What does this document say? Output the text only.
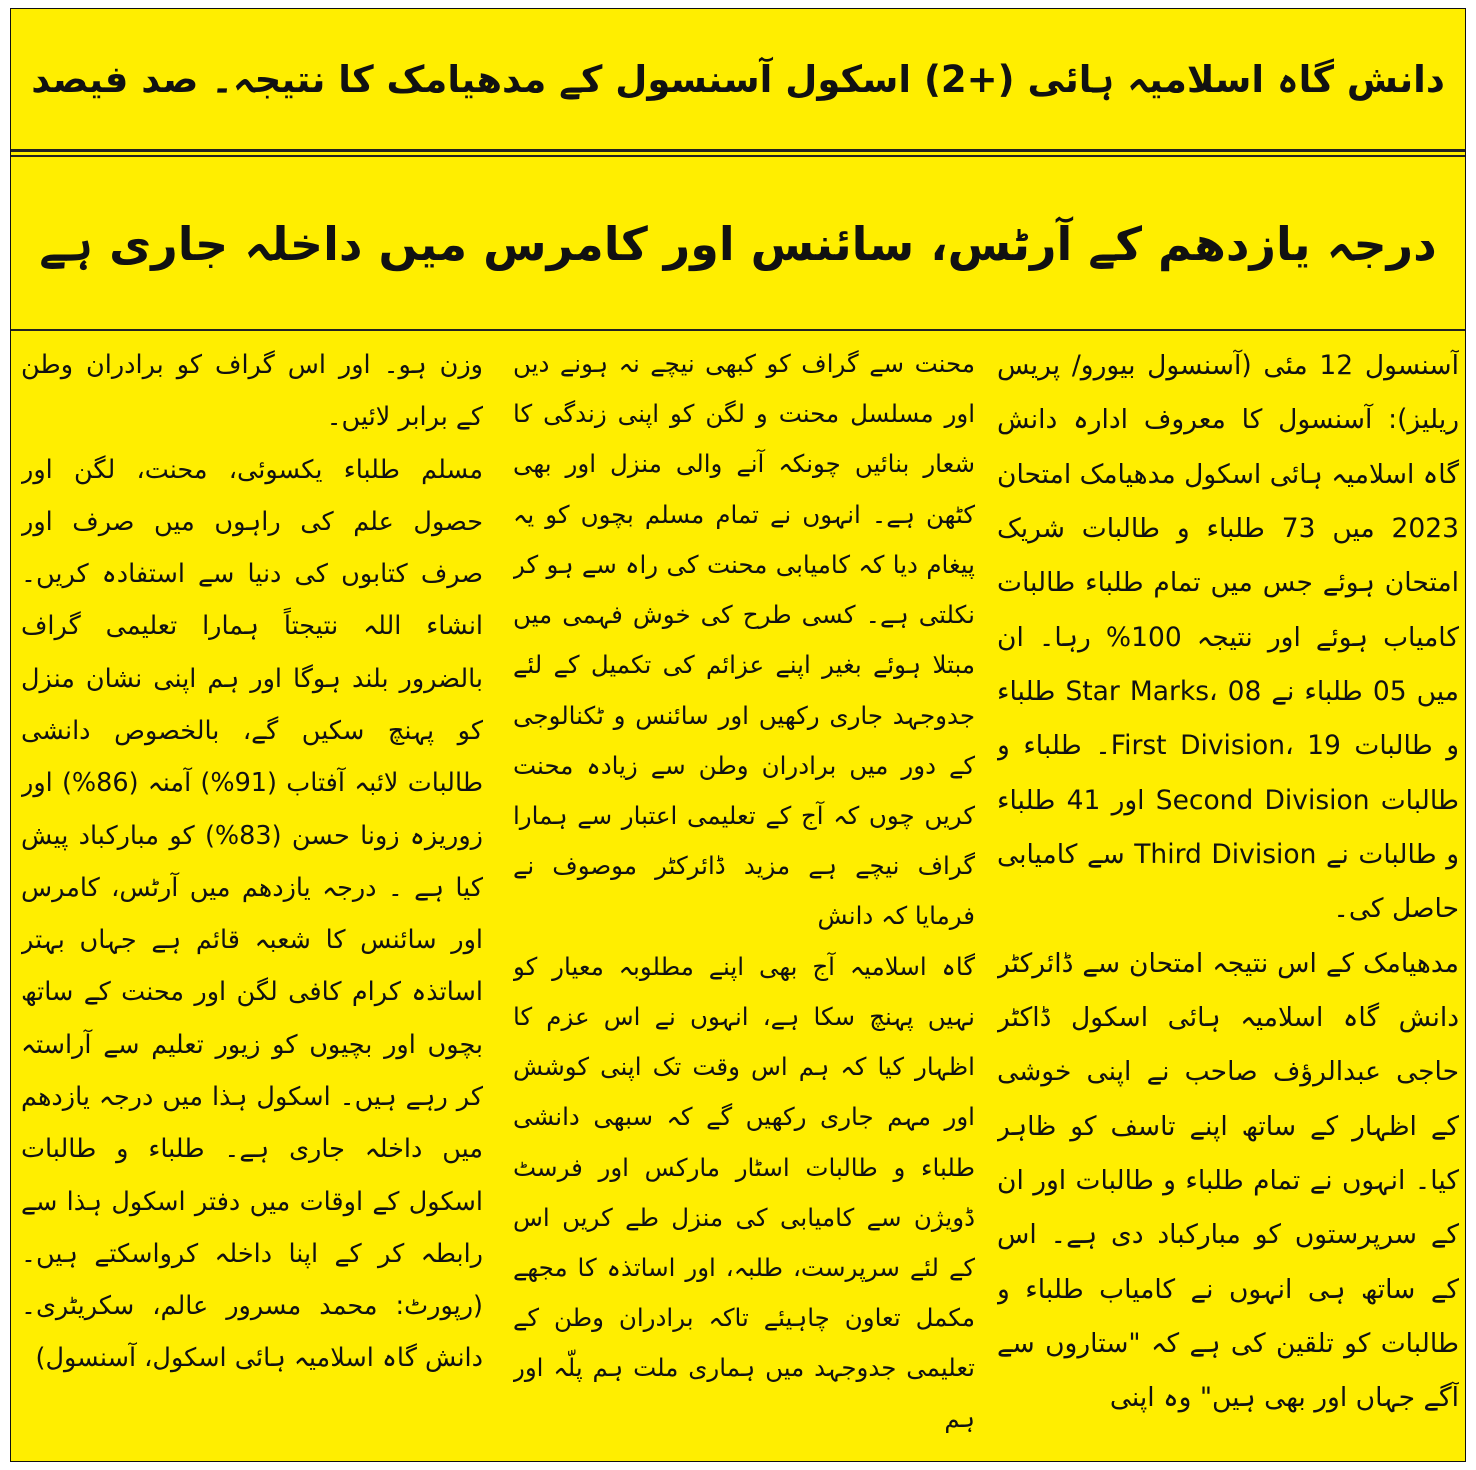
دانش گاہ اسلامیہ ہائی (+2) اسکول آسنسول کے مدھیامک کا نتیجہ۔ صد فیصد
درجہ یازدھم کے آرٹس، سائنس اور کامرس میں داخلہ جاری ہے

آسنسول 12 مئی (آسنسول بیورو/ پریس ریلیز): آسنسول کا معروف ادارہ دانش گاہ اسلامیہ ہائی اسکول مدھیامک امتحان 2023 میں 73 طلباء و طالبات شریک امتحان ہوئے جس میں تمام طلباء طالبات کامیاب ہوئے اور نتیجہ 100% رہا۔ ان میں 05 طلباء نے Star Marks، 08 طلباء و طالبات First Division، 19۔ طلباء و طالبات Second Division اور 41 طلباء و طالبات نے Third Division سے کامیابی حاصل کی۔

مدھیامک کے اس نتیجہ امتحان سے ڈائرکٹر دانش گاہ اسلامیہ ہائی اسکول ڈاکٹر حاجی عبدالرؤف صاحب نے اپنی خوشی کے اظہار کے ساتھ اپنے تاسف کو ظاہر کیا۔ انہوں نے تمام طلباء و طالبات اور ان کے سرپرستوں کو مبارکباد دی ہے۔ اس کے ساتھ ہی انہوں نے کامیاب طلباء و طالبات کو تلقین کی ہے کہ "ستاروں سے آگے جہاں اور بھی ہیں" وہ اپنی

محنت سے گراف کو کبھی نیچے نہ ہونے دیں اور مسلسل محنت و لگن کو اپنی زندگی کا شعار بنائیں چونکہ آنے والی منزل اور بھی کٹھن ہے۔ انہوں نے تمام مسلم بچوں کو یہ پیغام دیا کہ کامیابی محنت کی راہ سے ہو کر نکلتی ہے۔ کسی طرح کی خوش فہمی میں مبتلا ہوئے بغیر اپنے عزائم کی تکمیل کے لئے جدوجہد جاری رکھیں اور سائنس و ٹکنالوجی کے دور میں برادران وطن سے زیادہ محنت کریں چوں کہ آج کے تعلیمی اعتبار سے ہمارا گراف نیچے ہے مزید ڈائرکٹر موصوف نے فرمایا کہ دانش

گاہ اسلامیہ آج بھی اپنے مطلوبہ معیار کو نہیں پہنچ سکا ہے، انہوں نے اس عزم کا اظہار کیا کہ ہم اس وقت تک اپنی کوشش اور مہم جاری رکھیں گے کہ سبھی دانشی طلباء و طالبات اسٹار مارکس اور فرسٹ ڈویژن سے کامیابی کی منزل طے کریں اس کے لئے سرپرست، طلبہ، اور اساتذہ کا مجھے مکمل تعاون چاہیئے تاکہ برادران وطن کے تعلیمی جدوجہد میں ہماری ملت ہم پلّہ اور ہم

وزن ہو۔ اور اس گراف کو برادران وطن کے برابر لائیں۔

مسلم طلباء یکسوئی، محنت، لگن اور حصول علم کی راہوں میں صرف اور صرف کتابوں کی دنیا سے استفادہ کریں۔ انشاء اللہ نتیجتاً ہمارا تعلیمی گراف بالضرور بلند ہوگا اور ہم اپنی نشان منزل کو پہنچ سکیں گے، بالخصوص دانشی طالبات لائبہ آفتاب (91%) آمنہ (86%) اور زوریزہ زونا حسن (83%) کو مبارکباد پیش کیا ہے ۔ درجہ یازدھم میں آرٹس، کامرس اور سائنس کا شعبہ قائم ہے جہاں بہتر اساتذہ کرام کافی لگن اور محنت کے ساتھ بچوں اور بچیوں کو زیور تعلیم سے آراستہ کر رہے ہیں۔ اسکول ہذا میں درجہ یازدھم میں داخلہ جاری ہے۔ طلباء و طالبات اسکول کے اوقات میں دفتر اسکول ہذا سے رابطہ کر کے اپنا داخلہ کرواسکتے ہیں۔ (رپورٹ: محمد مسرور عالم، سکریٹری۔ دانش گاہ اسلامیہ ہائی اسکول، آسنسول)
